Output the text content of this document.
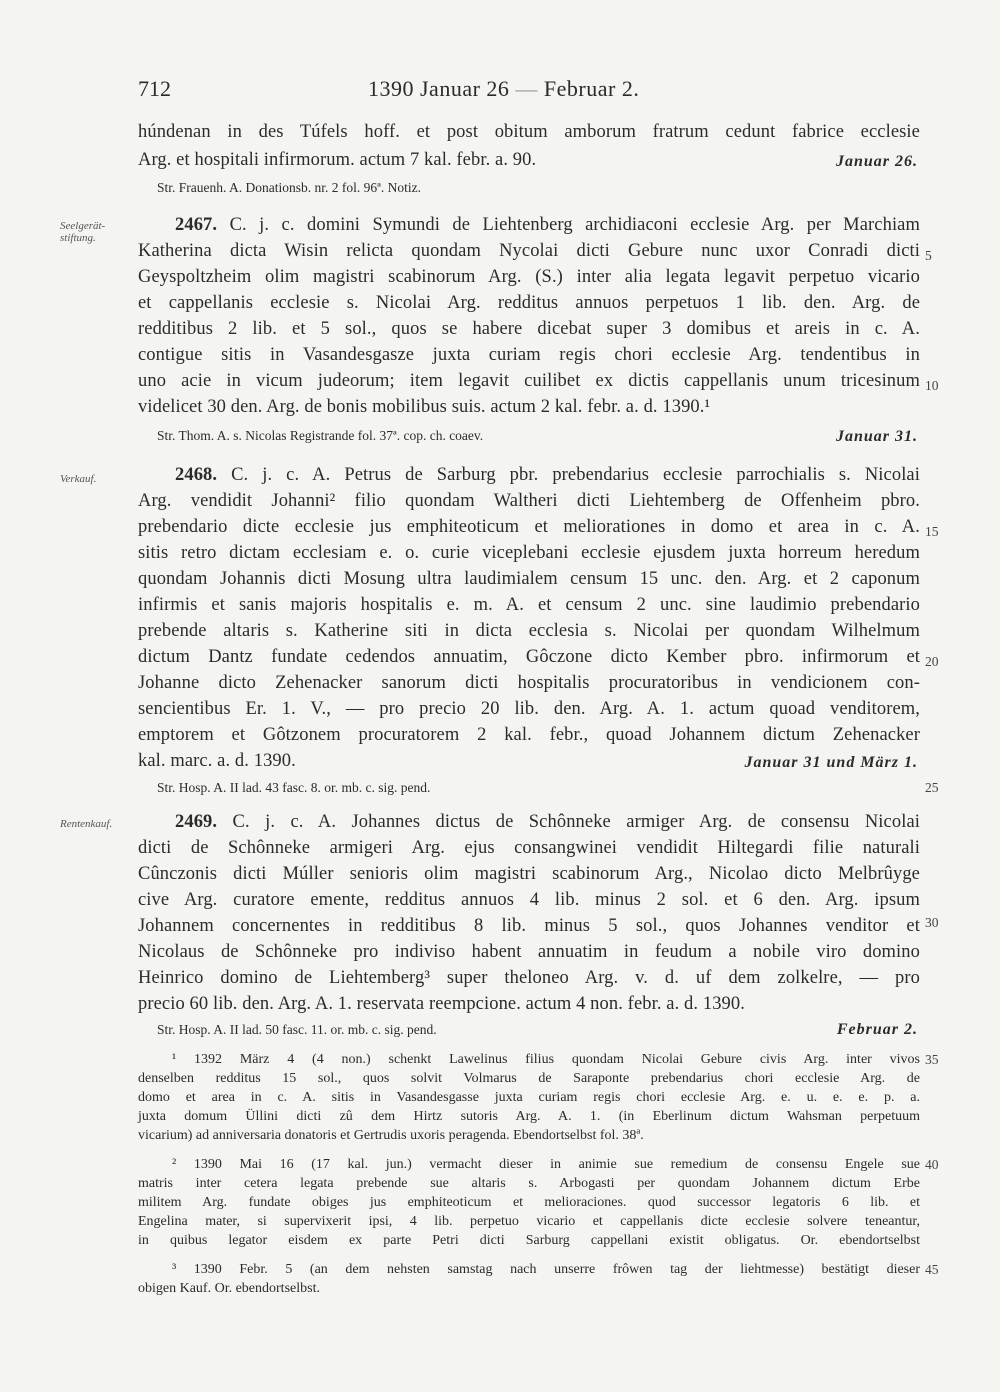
712	1390 Januar 26 — Februar 2.
húndenan in des Túfels hoff. et post obitum amborum fratrum cedunt fabrice ecclesie
Arg. et hospitali infirmorum. actum 7 kal. febr. a. 90.	Januar 26.
Str. Frauenh. A. Donationsb. nr. 2 fol. 96ª. Notiz.
Seelgerät-
stiftung.
2467. C. j. c. domini Symundi de Liehtenberg archidiaconi ecclesie Arg. per Marchiam
Katherina dicta Wisin relicta quondam Nycolai dicti Gebure nunc uxor Conradi dicti
Geyspoltzheim olim magistri scabinorum Arg. (S.) inter alia legata legavit perpetuo vicario
et cappellanis ecclesie s. Nicolai Arg. redditus annuos perpetuos 1 lib. den. Arg. de
redditibus 2 lib. et 5 sol., quos se habere dicebat super 3 domibus et areis in c. A.
contigue sitis in Vasandesgasze juxta curiam regis chori ecclesie Arg. tendentibus in
uno acie in vicum judeorum; item legavit cuilibet ex dictis cappellanis unum tricesinum
videlicet 30 den. Arg. de bonis mobilibus suis. actum 2 kal. febr. a. d. 1390.¹
Str. Thom. A. s. Nicolas Registrande fol. 37ª. cop. ch. coaev.	Januar 31.
Verkauf.	2468. C. j. c. A. Petrus de Sarburg pbr. prebendarius ecclesie parrochialis s. Nicolai
Arg. vendidit Johanni² filio quondam Waltheri dicti Liehtemberg de Offenheim pbro.
prebendario dicte ecclesie jus emphiteoticum et meliorationes in domo et area in c. A.
sitis retro dictam ecclesiam e. o. curie viceplebani ecclesie ejusdem juxta horreum heredum
quondam Johannis dicti Mosung ultra laudimialem censum 15 unc. den. Arg. et 2 caponum
infirmis et sanis majoris hospitalis e. m. A. et censum 2 unc. sine laudimio prebendario
prebende altaris s. Katherine siti in dicta ecclesia s. Nicolai per quondam Wilhelmum
dictum Dantz fundate cedendos annuatim, Gôczone dicto Kember pbro. infirmorum et
Johanne dicto Zehenacker sanorum dicti hospitalis procuratoribus in vendicionem con-
sencientibus Er. 1. V., — pro precio 20 lib. den. Arg. A. 1. actum quoad venditorem,
emptorem et Gôtzonem procuratorem 2 kal. febr., quoad Johannem dictum Zehenacker
kal. marc. a. d. 1390.	Januar 31 und März 1.
Str. Hosp. A. II lad. 43 fasc. 8. or. mb. c. sig. pend.
Rentenkauf.	2469. C. j. c. A. Johannes dictus de Schônneke armiger Arg. de consensu Nicolai
dicti de Schônneke armigeri Arg. ejus consangwinei vendidit Hiltegardi filie naturali
Cûnczonis dicti Múller senioris olim magistri scabinorum Arg., Nicolao dicto Melbrûyge
cive Arg. curatore emente, redditus annuos 4 lib. minus 2 sol. et 6 den. Arg. ipsum
Johannem concernentes in redditibus 8 lib. minus 5 sol., quos Johannes venditor et
Nicolaus de Schônneke pro indiviso habent annuatim in feudum a nobile viro domino
Heinrico domino de Liehtemberg³ super theloneo Arg. v. d. uf dem zolkelre, — pro
precio 60 lib. den. Arg. A. 1. reservata reempcione. actum 4 non. febr. a. d. 1390.
Str. Hosp. A. II lad. 50 fasc. 11. or. mb. c. sig. pend.	Februar 2.
¹ 1392 März 4 (4 non.) schenkt Lawelinus filius quondam Nicolai Gebure civis Arg. inter vivos
denselben redditus 15 sol., quos solvit Volmarus de Saraponte prebendarius chori ecclesie Arg. de
domo et area in c. A. sitis in Vasandesgasse juxta curiam regis chori ecclesie Arg. e. u. e. e. p. a.
juxta domum Üllini dicti zû dem Hirtz sutoris Arg. A. 1. (in Eberlinum dictum Wahsman perpetuum
vicarium) ad anniversaria donatoris et Gertrudis uxoris peragenda. Ebendortselbst fol. 38ª.
² 1390 Mai 16 (17 kal. jun.) vermacht dieser in animie sue remedium de consensu Engele sue
matris inter cetera legata prebende sue altaris s. Arbogasti per quondam Johannem dictum Erbe
militem Arg. fundate obiges jus emphiteoticum et melioraciones. quod successor legatoris 6 lib. et
Engelina mater, si supervixerit ipsi, 4 lib. perpetuo vicario et cappellanis dicte ecclesie solvere teneantur,
in quibus legator eisdem ex parte Petri dicti Sarburg cappellani existit obligatus. Or. ebendortselbst
³ 1390 Febr. 5 (an dem nehsten samstag nach unserre frôwen tag der liehtmesse) bestätigt dieser
obigen Kauf. Or. ebendortselbst.
5
10
15
20
25
30
35
40
45
